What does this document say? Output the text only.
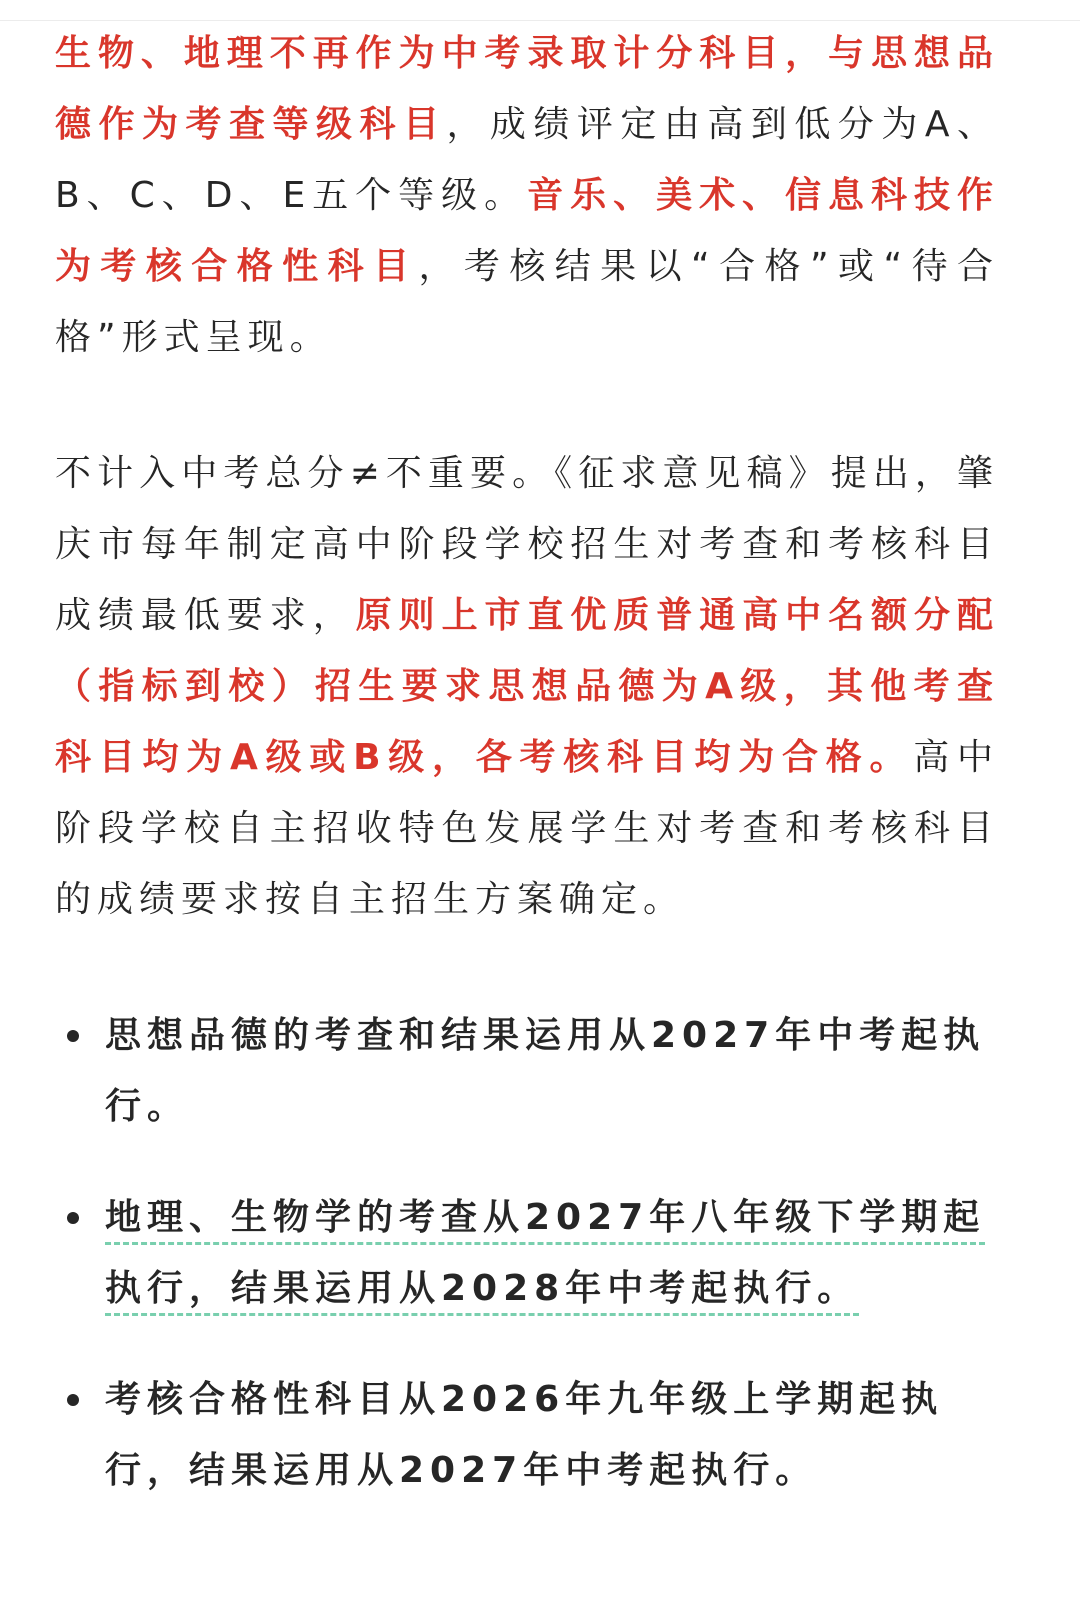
生物、地理不再作为中考录取计分科目，与思想品德作为考查等级科目，成绩评定由高到低分为A、B、C、D、E五个等级。音乐、美术、信息科技作为考核合格性科目，考核结果以“合格”或“待合格”形式呈现。

不计入中考总分≠不重要。《征求意见稿》提出，肇庆市每年制定高中阶段学校招生对考查和考核科目成绩最低要求，原则上市直优质普通高中名额分配（指标到校）招生要求思想品德为A级，其他考查科目均为A级或B级，各考核科目均为合格。高中阶段学校自主招收特色发展学生对考查和考核科目的成绩要求按自主招生方案确定。

思想品德的考查和结果运用从2027年中考起执行。
地理、生物学的考查从2027年八年级下学期起执行，结果运用从2028年中考起执行。
考核合格性科目从2026年九年级上学期起执行，结果运用从2027年中考起执行。
